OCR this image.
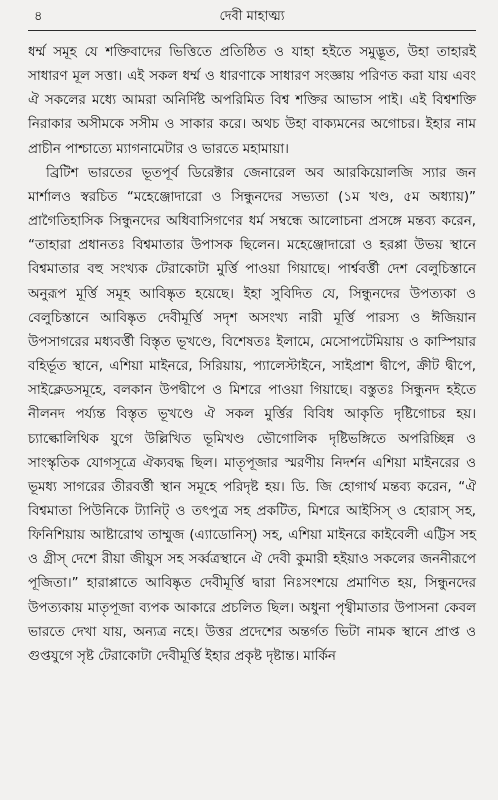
৪	দেবী মাহাত্ম্য

ধর্ম্ম সমূহ যে শক্তিবাদের ভিত্তিতে প্রতিষ্ঠিত ও যাহা হইতে সমুদ্ভূত, উহা তাহারই সাধারণ মূল সত্তা। এই সকল ধর্ম্ম ও ধারণাকে সাধারণ সংজ্ঞায় পরিণত করা যায় এবং ঐ সকলের মধ্যে আমরা অনির্দিষ্ট অপরিমিত বিশ্ব শক্তির আভাস পাই। এই বিশ্বশক্তি নিরাকার অসীমকে সসীম ও সাকার করে। অথচ উহা বাক্যমনের অগোচর। ইহার নাম প্রাচীন পাশ্চাত্যে ম্যাগনামেটার ও ভারতে মহামায়া।

ব্রিটিশ ভারতের ভূতপূর্ব ডিরেক্টার জেনারেল অব আরকিয়োলজি স্যার জন মার্শালও স্বরচিত “মহেঞ্জোদারো ও সিন্ধুনদের সভ্যতা (১ম খণ্ড, ৫ম অধ্যায়)” প্রাগৈতিহাসিক সিন্ধুনদের অধিবাসিগণের ধর্ম সম্বন্ধে আলোচনা প্রসঙ্গে মন্তব্য করেন, “তাহারা প্রধানতঃ বিশ্বমাতার উপাসক ছিলেন। মহেঞ্জোদারো ও হরপ্পা উভয় স্থানে বিশ্বমাতার বহু সংখ্যক টেরাকোটা মুর্ত্তি পাওয়া গিয়াছে। পার্শ্ববর্ত্তী দেশ বেলুচিস্তানে অনুরূপ মূর্ত্তি সমূহ আবিষ্কৃত হয়েছে। ইহা সুবিদিত যে, সিন্ধুনদের উপত্যকা ও বেলুচিস্তানে আবিষ্কৃত দেবীমূর্ত্তি সদৃশ অসংখ্য নারী মূর্ত্তি পারস্য ও ঈজিয়ান উপসাগরের মধ্যবর্ত্তী বিস্তৃত ভূখণ্ডে, বিশেষতঃ ইলামে, মেসোপটেমিয়ায় ও কাস্পিয়ার বহির্ভূত স্থানে, এশিয়া মাইনরে, সিরিয়ায়, প্যালেস্টাইনে, সাইপ্রাশ দ্বীপে, ক্রীট দ্বীপে, সাইক্লেডসমূহে, বলকান উপদ্বীপে ও মিশরে পাওয়া গিয়াছে। বস্তুতঃ সিন্ধুনদ হইতে নীলনদ পর্য্যন্ত বিস্তৃত ভূখণ্ডে ঐ সকল মুর্ত্তির বিবিধ আকৃতি দৃষ্টিগোচর হয়। চ্যাল্কোলিথিক যুগে উল্লিখিত ভূমিখণ্ড ভৌগোলিক দৃষ্টিভঙ্গিতে অপরিচ্ছিন্ন ও সাংস্কৃতিক যোগসূত্রে ঐক্যবদ্ধ ছিল। মাতৃপূজার স্মরণীয় নিদর্শন এশিয়া মাইনরের ও ভূমধ্য সাগরের তীরবর্ত্তী স্থান সমূহে পরিদৃষ্ট হয়। ডি. জি হোগার্থ মন্তব্য করেন, “ঐ বিশ্বমাতা পিউনিকে ট্যানিট্ ও তৎপুত্র সহ প্রকটিত, মিশরে আইসিস্ ও হোরাস্ সহ, ফিনিশিয়ায় আষ্টারোথ তাম্মুজ (এ্যাডোনিস্) সহ, এশিয়া মাইনরে কাইবেলী এট্টিস সহ ও গ্রীস্ দেশে রীয়া জীয়ুস সহ সর্ব্বত্রস্থানে ঐ দেবী কুমারী হইয়াও সকলের জননীরূপে পূজিতা।” হারাপ্পাতে আবিষ্কৃত দেবীমূর্ত্তি দ্বারা নিঃসংশয়ে প্রমাণিত হয়, সিন্ধুনদের উপত্যকায় মাতৃপূজা ব্যপক আকারে প্রচলিত ছিল। অধুনা পৃথ্বীমাতার উপাসনা কেবল ভারতে দেখা যায়, অন্যত্র নহে। উত্তর প্রদেশের অন্তর্গত ভিটা নামক স্থানে প্রাপ্ত ও গুপ্তযুগে সৃষ্ট টেরাকোটা দেবীমূর্ত্তি ইহার প্রকৃষ্ট দৃষ্টান্ত। মার্কিন
